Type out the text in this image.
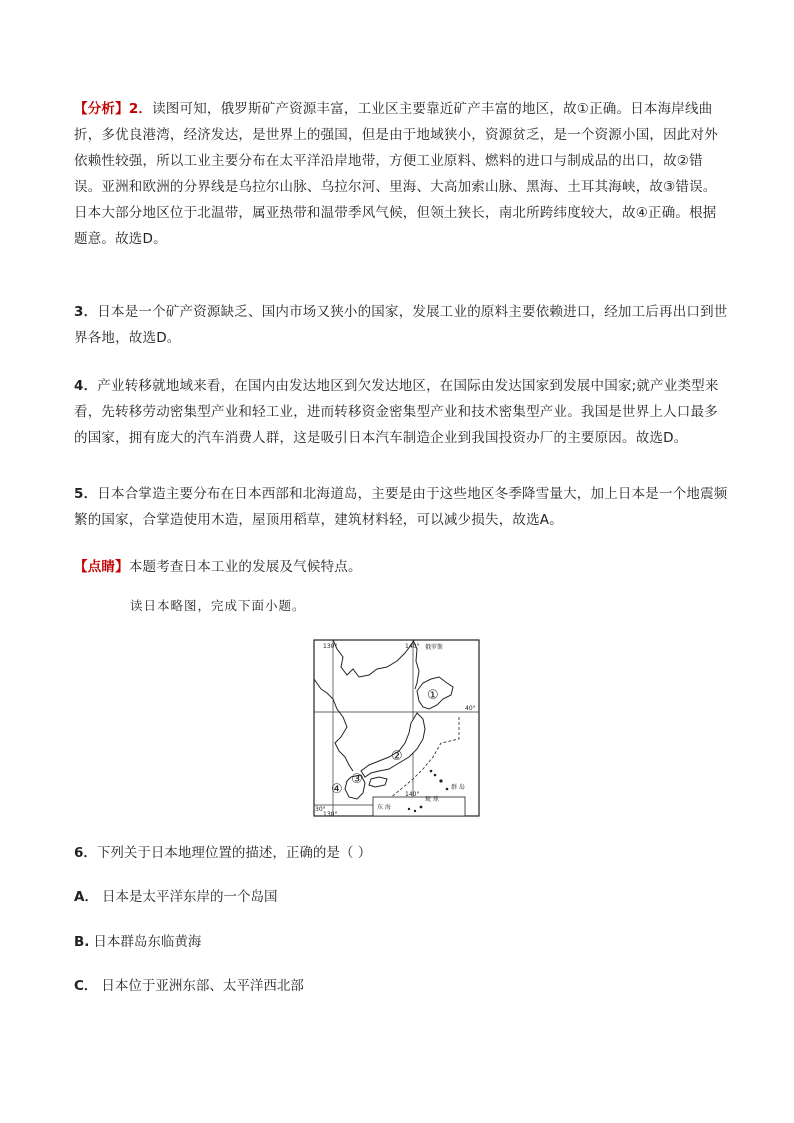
【分析】2．读图可知，俄罗斯矿产资源丰富，工业区主要靠近矿产丰富的地区，故①正确。日本海岸线曲折，多优良港湾，经济发达，是世界上的强国，但是由于地域狭小，资源贫乏，是一个资源小国，因此对外依赖性较强，所以工业主要分布在太平洋沿岸地带，方便工业原料、燃料的进口与制成品的出口，故②错误。亚洲和欧洲的分界线是乌拉尔山脉、乌拉尔河、里海、大高加索山脉、黑海、土耳其海峡，故③错误。日本大部分地区位于北温带，属亚热带和温带季风气候，但领土狭长，南北所跨纬度较大，故④正确。根据题意。故选D。

3．日本是一个矿产资源缺乏、国内市场又狭小的国家，发展工业的原料主要依赖进口，经加工后再出口到世界各地，故选D。

4．产业转移就地域来看，在国内由发达地区到欠发达地区，在国际由发达国家到发展中国家;就产业类型来看，先转移劳动密集型产业和轻工业，进而转移资金密集型产业和技术密集型产业。我国是世界上人口最多的国家，拥有庞大的汽车消费人群，这是吸引日本汽车制造企业到我国投资办厂的主要原因。故选D。

5．日本合掌造主要分布在日本西部和北海道岛，主要是由于这些地区冬季降雪量大，加上日本是一个地震频繁的国家，合掌造使用木造，屋顶用稻草，建筑材料轻，可以减少损失，故选A。

【点睛】本题考查日本工业的发展及气候特点。

读日本略图，完成下面小题。

130°	140° 俄罗斯
40°
140°
30°
130°
东 海
琉 球
群 岛
①
②
③
④

6．下列关于日本地理位置的描述，正确的是（ ）

A． 日本是太平洋东岸的一个岛国

B. 日本群岛东临黄海

C． 日本位于亚洲东部、太平洋西北部
